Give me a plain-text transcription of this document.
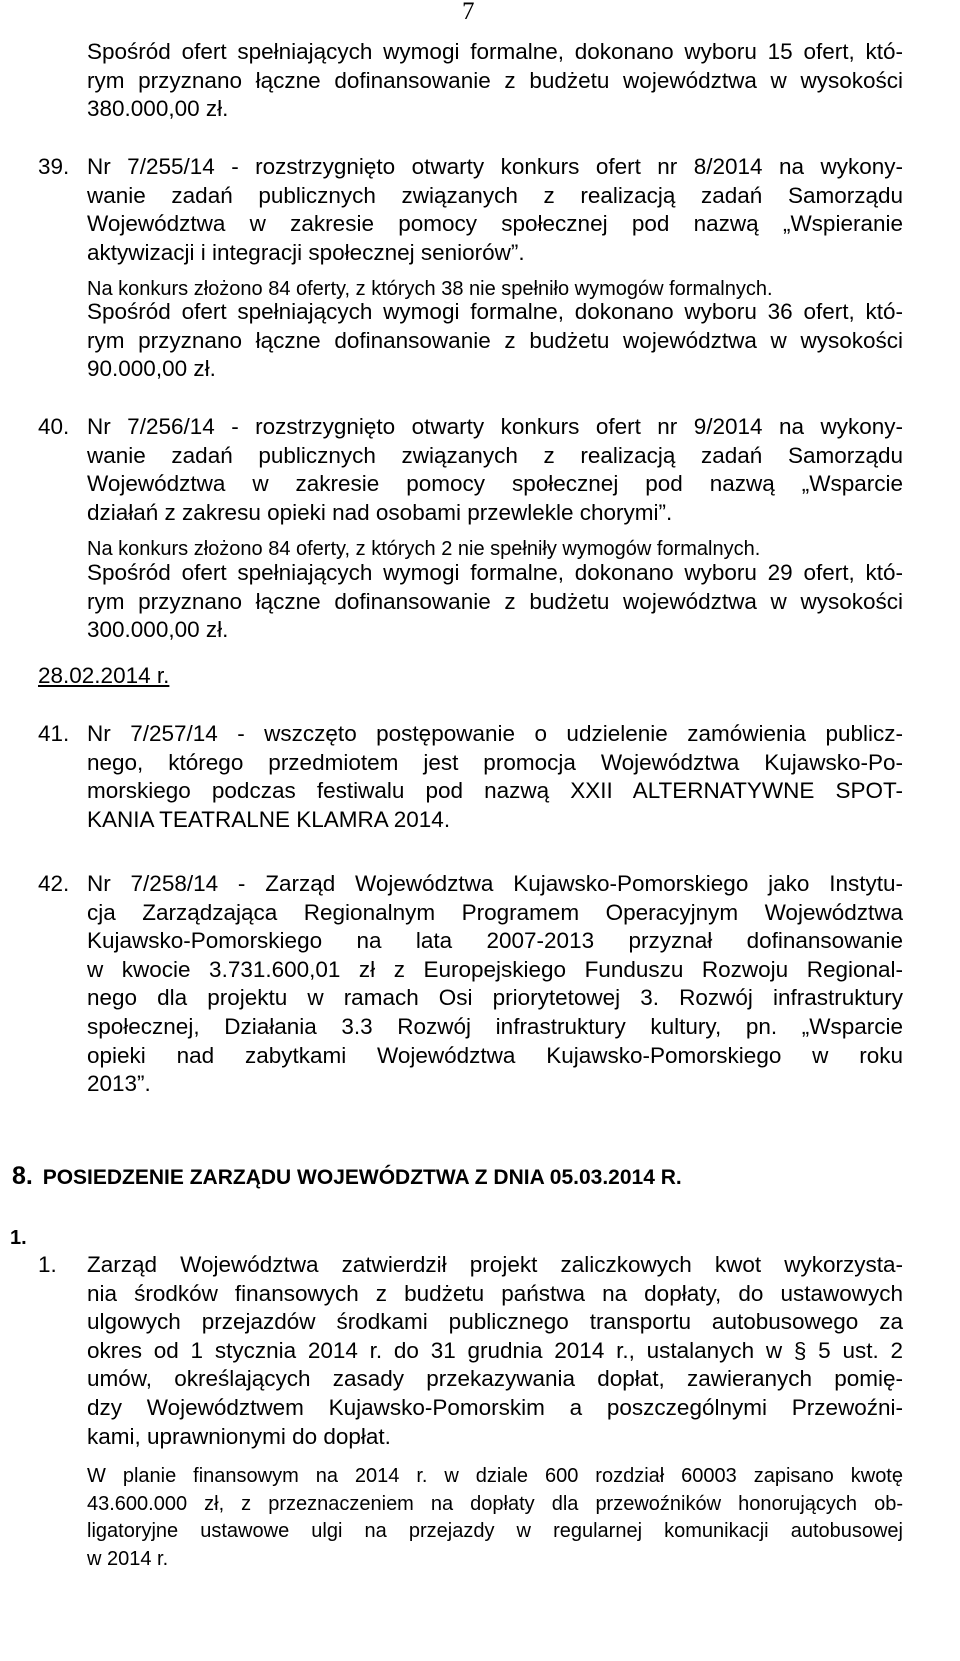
7
Spośród ofert spełniających wymogi formalne, dokonano wyboru 15 ofert, któ-
rym przyznano łączne dofinansowanie z budżetu województwa w wysokości
380.000,00 zł.
39. Nr 7/255/14 - rozstrzygnięto otwarty konkurs ofert nr 8/2014 na wykony-
wanie zadań publicznych związanych z realizacją zadań Samorządu
Województwa w zakresie pomocy społecznej pod nazwą „Wspieranie
aktywizacji i integracji społecznej seniorów”.
Na konkurs złożono 84 oferty, z których 38 nie spełniło wymogów formalnych.
Spośród ofert spełniających wymogi formalne, dokonano wyboru 36 ofert, któ-
rym przyznano łączne dofinansowanie z budżetu województwa w wysokości
90.000,00 zł.
40. Nr 7/256/14 - rozstrzygnięto otwarty konkurs ofert nr 9/2014 na wykony-
wanie zadań publicznych związanych z realizacją zadań Samorządu
Województwa w zakresie pomocy społecznej pod nazwą „Wsparcie
działań z zakresu opieki nad osobami przewlekle chorymi”.
Na konkurs złożono 84 oferty, z których 2 nie spełniły wymogów formalnych.
Spośród ofert spełniających wymogi formalne, dokonano wyboru 29 ofert, któ-
rym przyznano łączne dofinansowanie z budżetu województwa w wysokości
300.000,00 zł.
28.02.2014 r.
41. Nr 7/257/14 - wszczęto postępowanie o udzielenie zamówienia publicz-
nego, którego przedmiotem jest promocja Województwa Kujawsko-Po-
morskiego podczas festiwalu pod nazwą XXII ALTERNATYWNE SPOT-
KANIA TEATRALNE KLAMRA 2014.
42. Nr 7/258/14 - Zarząd Województwa Kujawsko-Pomorskiego jako Instytu-
cja Zarządzająca Regionalnym Programem Operacyjnym Województwa
Kujawsko-Pomorskiego na lata 2007-2013 przyznał dofinansowanie
w kwocie 3.731.600,01 zł z Europejskiego Funduszu Rozwoju Regional-
nego dla projektu w ramach Osi priorytetowej 3. Rozwój infrastruktury
społecznej, Działania 3.3 Rozwój infrastruktury kultury, pn. „Wsparcie
opieki nad zabytkami Województwa Kujawsko-Pomorskiego w roku
2013”.
8. POSIEDZENIE ZARZĄDU WOJEWÓDZTWA Z DNIA 05.03.2014 R.
1.
1. Zarząd Województwa zatwierdził projekt zaliczkowych kwot wykorzysta-
nia środków finansowych z budżetu państwa na dopłaty, do ustawowych
ulgowych przejazdów środkami publicznego transportu autobusowego za
okres od 1 stycznia 2014 r. do 31 grudnia 2014 r., ustalanych w § 5 ust. 2
umów, określających zasady przekazywania dopłat, zawieranych pomię-
dzy Województwem Kujawsko-Pomorskim a poszczególnymi Przewoźni-
kami, uprawnionymi do dopłat.
W planie finansowym na 2014 r. w dziale 600 rozdział 60003 zapisano kwotę
43.600.000 zł, z przeznaczeniem na dopłaty dla przewoźników honorujących ob-
ligatoryjne ustawowe ulgi na przejazdy w regularnej komunikacji autobusowej
w 2014 r.
